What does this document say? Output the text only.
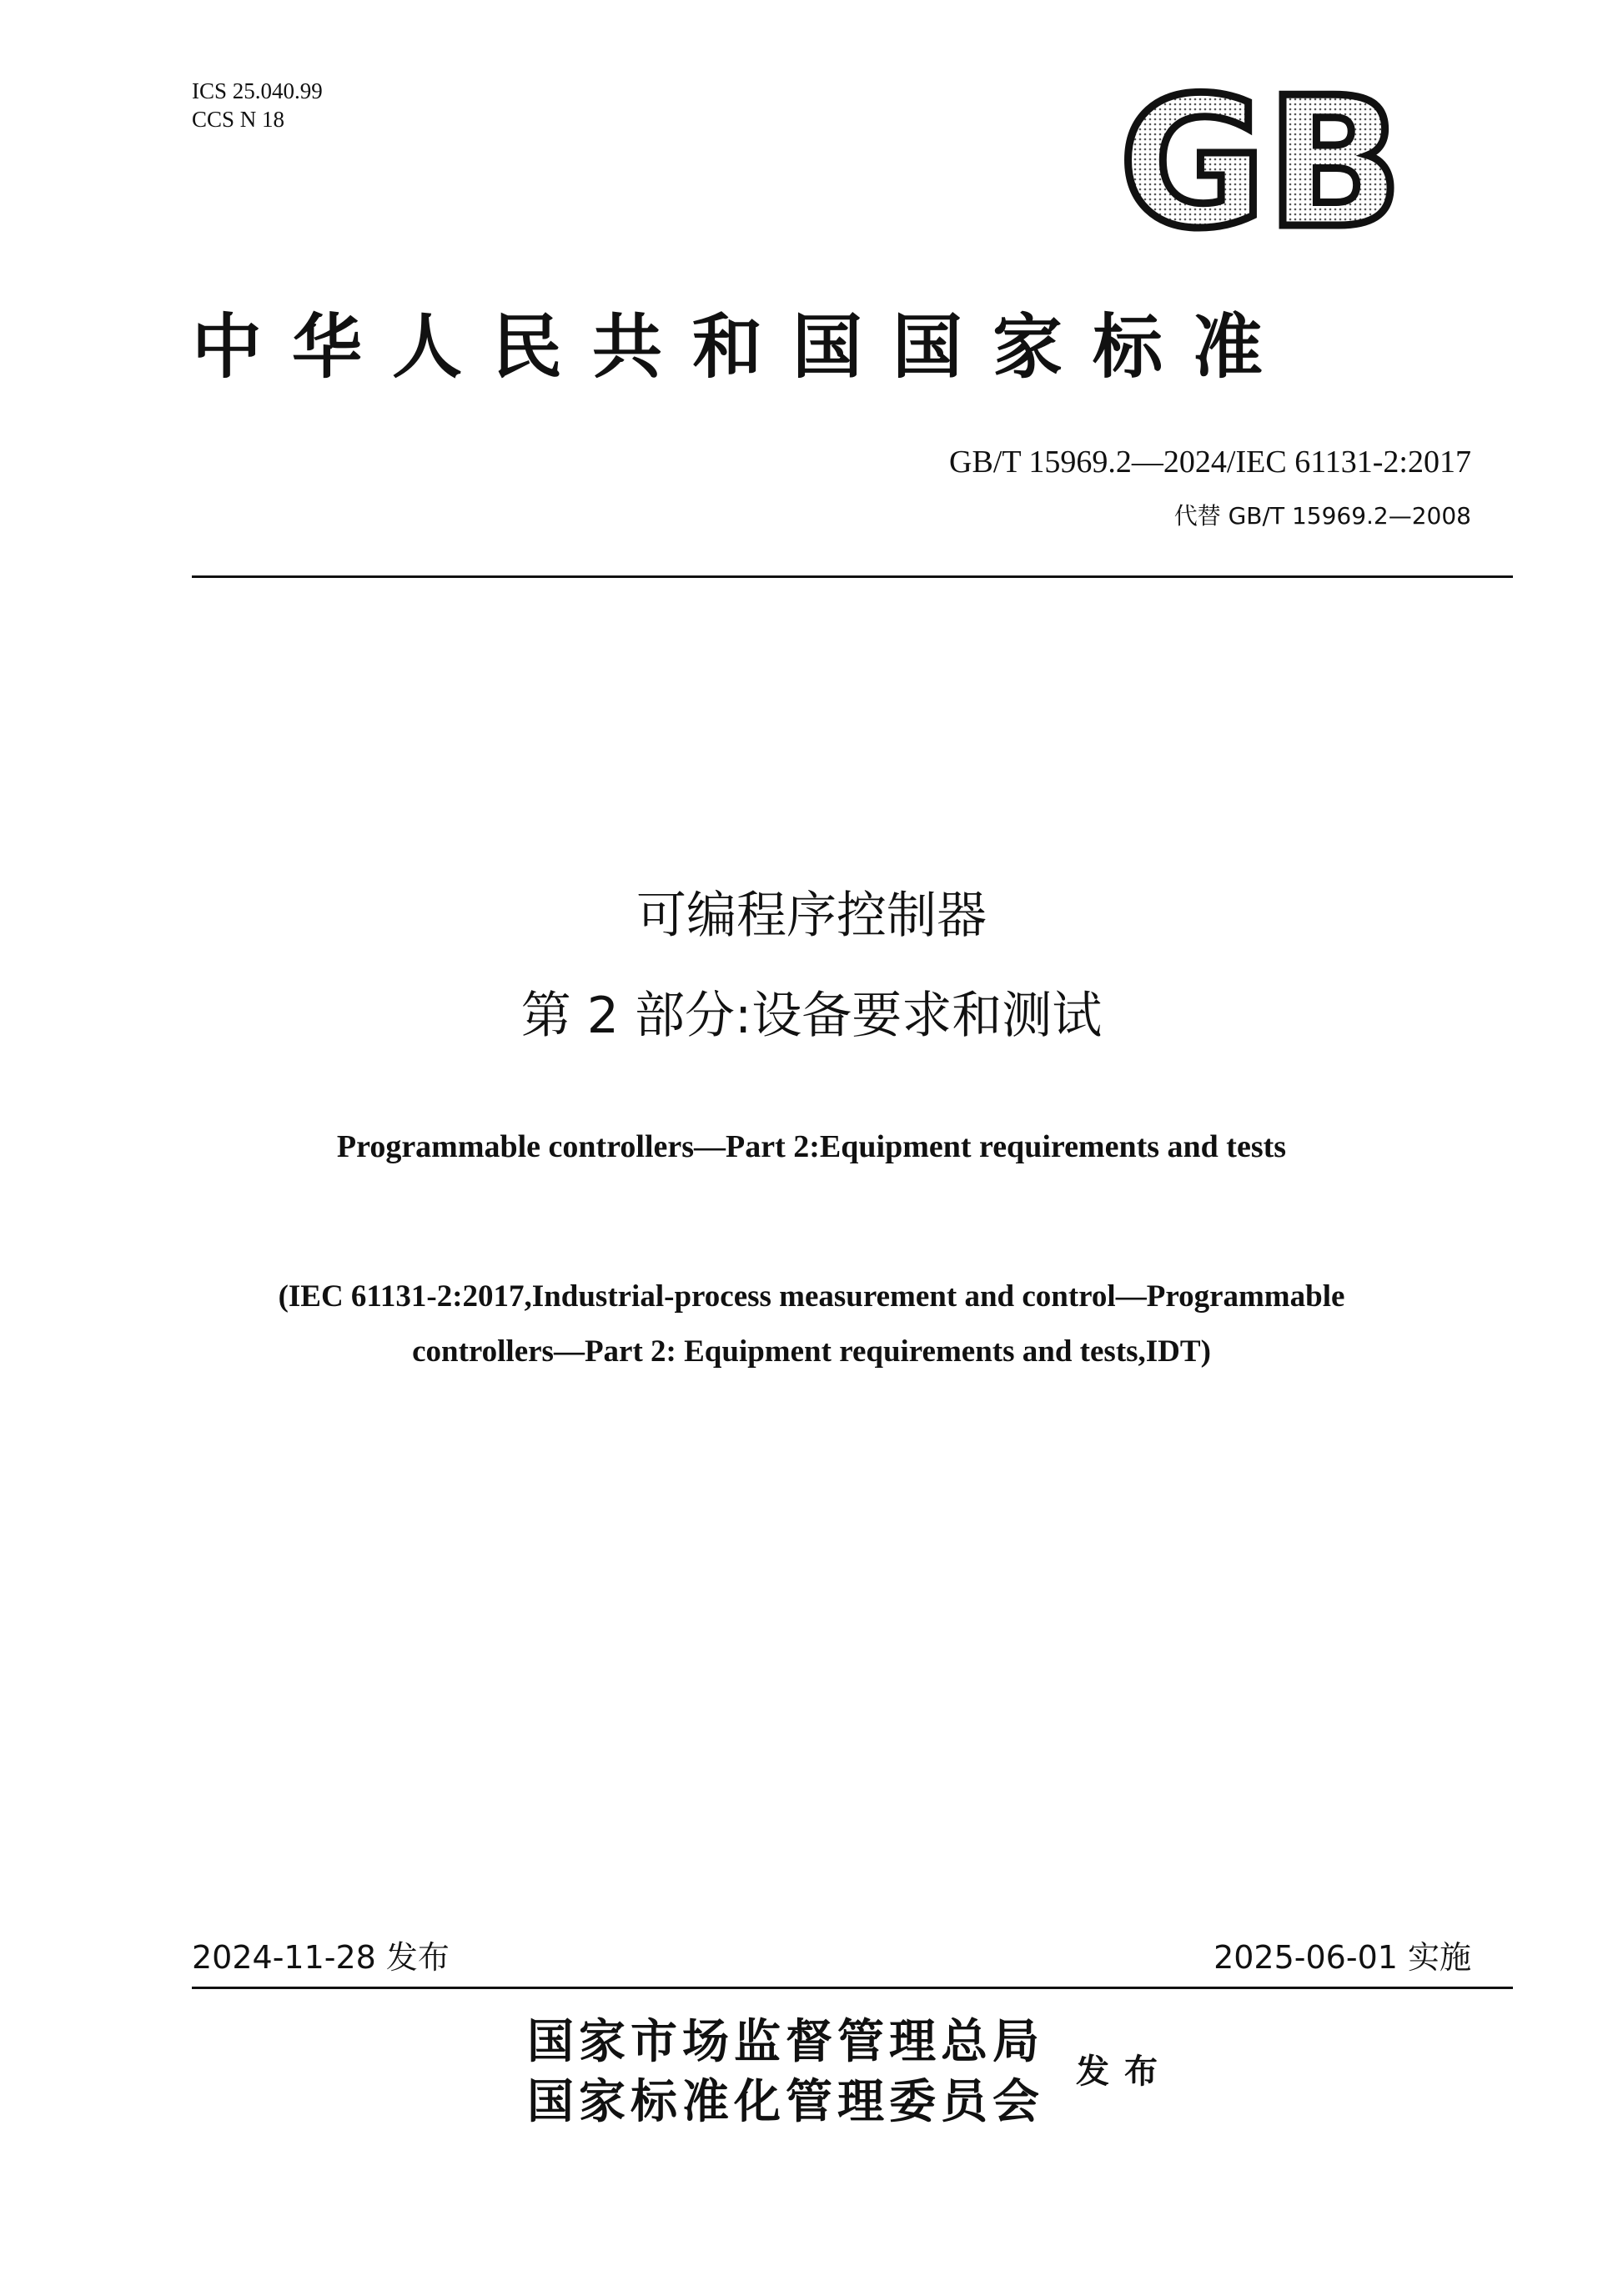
ICS 25.040.99
CCS N 18	GB
中华人民共和国国家标准
GB/T 15969.2—2024/IEC 61131-2:2017
代替 GB/T 15969.2—2008
可编程序控制器
第 2 部分:设备要求和测试
Programmable controllers—Part 2:Equipment requirements and tests
(IEC 61131-2:2017,Industrial-process measurement and control—Programmable
controllers—Part 2: Equipment requirements and tests,IDT)
2024-11-28 发布	2025-06-01 实施
国家市场监督管理总局
国家标准化管理委员会
发布
